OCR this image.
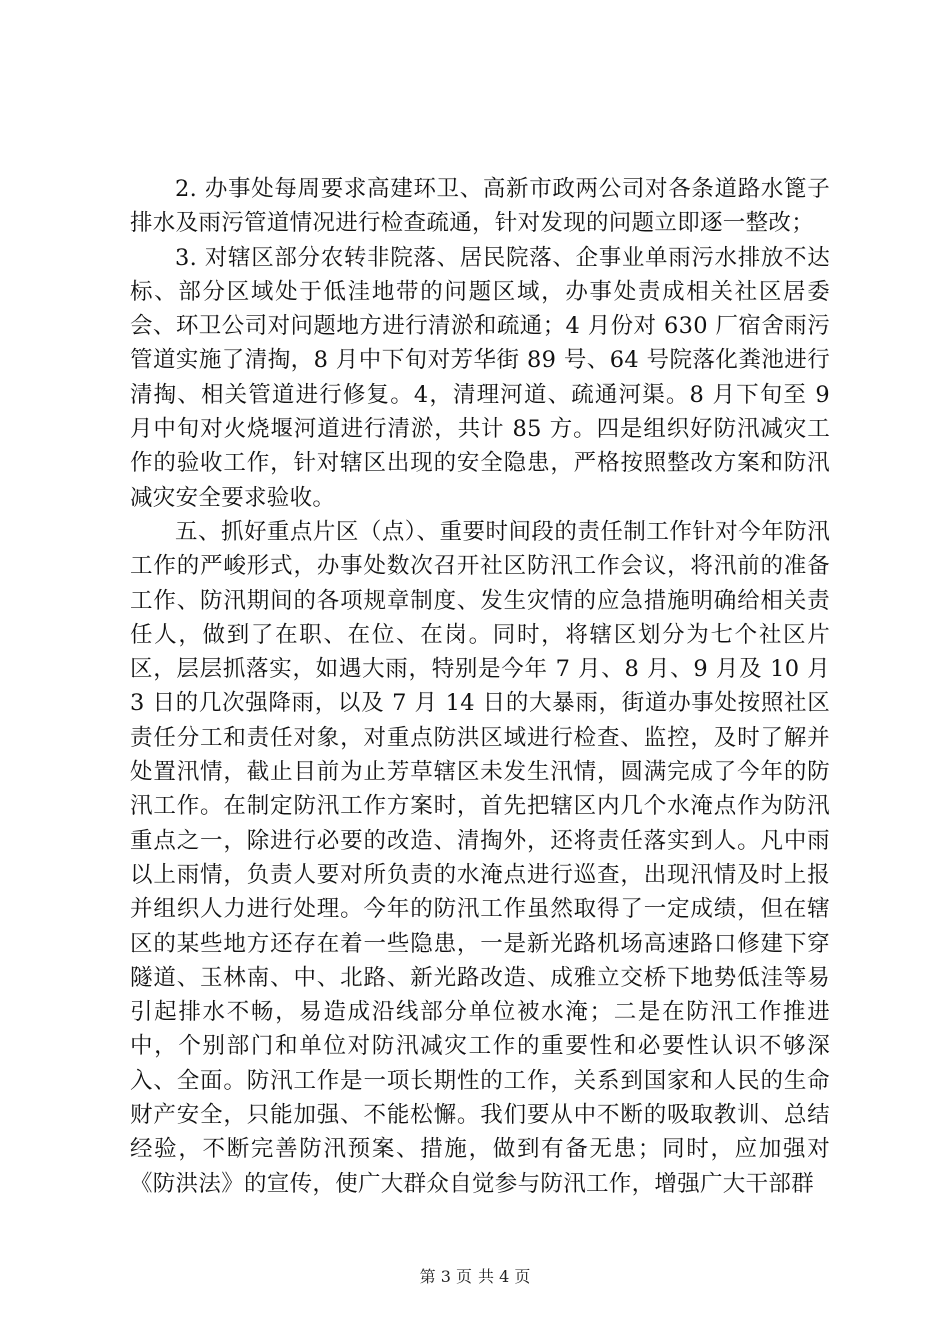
2. 办事处每周要求高建环卫、高新市政两公司对各条道路水篦子排水及雨污管道情况进行检查疏通，针对发现的问题立即逐一整改；

3. 对辖区部分农转非院落、居民院落、企事业单雨污水排放不达标、部分区域处于低洼地带的问题区域，办事处责成相关社区居委会、环卫公司对问题地方进行清淤和疏通；4 月份对 630 厂宿舍雨污管道实施了清掏，8 月中下旬对芳华街 89 号、64 号院落化粪池进行清掏、相关管道进行修复。4，清理河道、疏通河渠。8 月下旬至 9 月中旬对火烧堰河道进行清淤，共计 85 方。四是组织好防汛减灾工作的验收工作，针对辖区出现的安全隐患，严格按照整改方案和防汛减灾安全要求验收。

五、抓好重点片区（点）、重要时间段的责任制工作针对今年防汛工作的严峻形式，办事处数次召开社区防汛工作会议，将汛前的准备工作、防汛期间的各项规章制度、发生灾情的应急措施明确给相关责任人，做到了在职、在位、在岗。同时，将辖区划分为七个社区片区，层层抓落实，如遇大雨，特别是今年 7 月、8 月、9 月及 10 月 3 日的几次强降雨，以及 7 月 14 日的大暴雨，街道办事处按照社区责任分工和责任对象，对重点防洪区域进行检查、监控，及时了解并处置汛情，截止目前为止芳草辖区未发生汛情，圆满完成了今年的防汛工作。在制定防汛工作方案时，首先把辖区内几个水淹点作为防汛重点之一，除进行必要的改造、清掏外，还将责任落实到人。凡中雨以上雨情，负责人要对所负责的水淹点进行巡查，出现汛情及时上报并组织人力进行处理。今年的防汛工作虽然取得了一定成绩，但在辖区的某些地方还存在着一些隐患，一是新光路机场高速路口修建下穿隧道、玉林南、中、北路、新光路改造、成雅立交桥下地势低洼等易引起排水不畅，易造成沿线部分单位被水淹；二是在防汛工作推进中，个别部门和单位对防汛减灾工作的重要性和必要性认识不够深入、全面。防汛工作是一项长期性的工作，关系到国家和人民的生命财产安全，只能加强、不能松懈。我们要从中不断的吸取教训、总结经验，不断完善防汛预案、措施，做到有备无患；同时，应加强对《防洪法》的宣传，使广大群众自觉参与防汛工作，增强广大干部群

第 3 页 共 4 页
